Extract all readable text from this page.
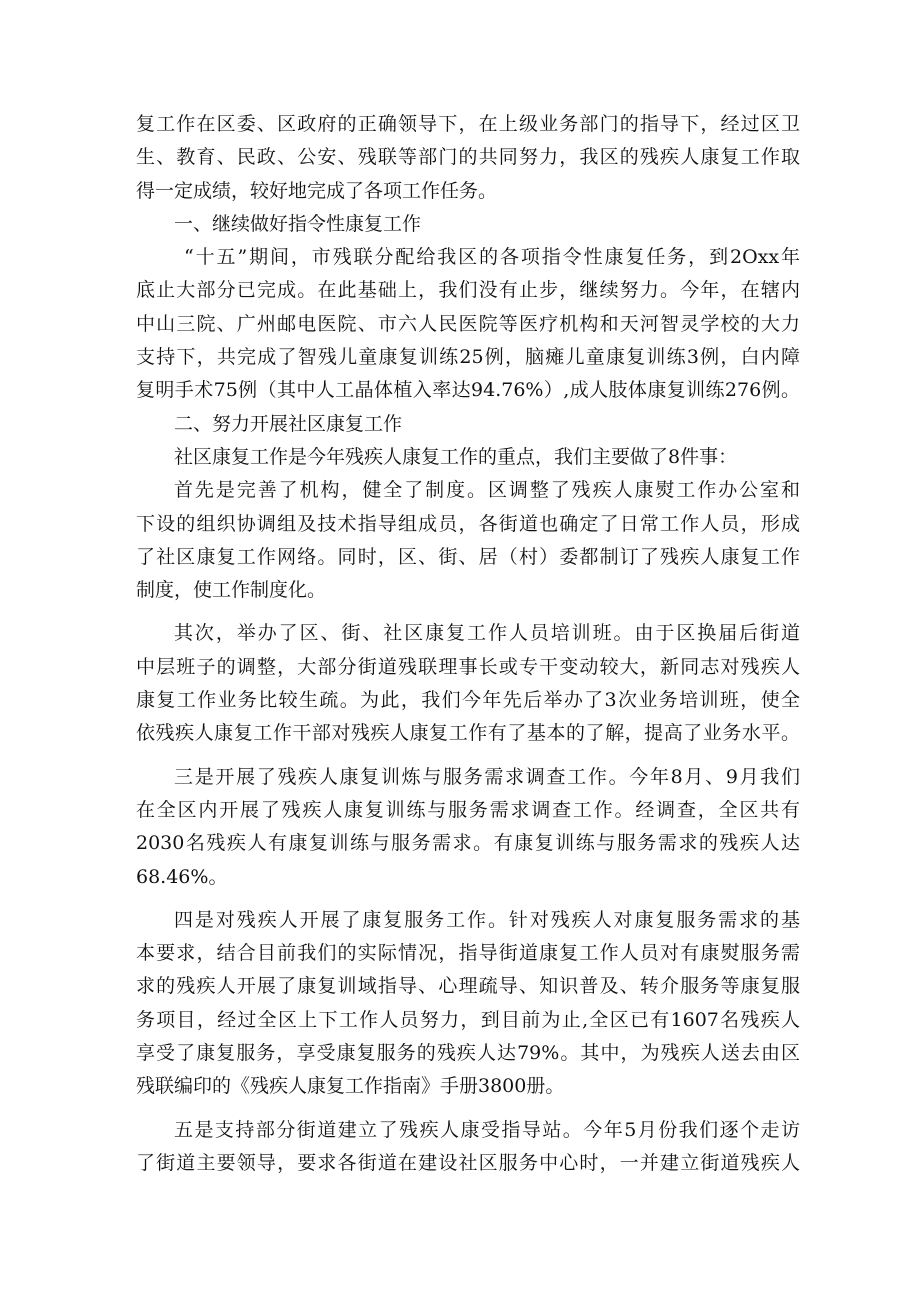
复工作在区委、区政府的正确领导下，在上级业务部门的指导下，经过区卫
生、教育、民政、公安、残联等部门的共同努力，我区的残疾人康复工作取
得一定成绩，较好地完成了各项工作任务。
一、继续做好指令性康复工作
“十五”期间，市残联分配给我区的各项指令性康复任务，到2Oxx年
底止大部分已完成。在此基础上，我们没有止步，继续努力。今年，在辖内
中山三院、广州邮电医院、市六人民医院等医疗机构和天河智灵学校的大力
支持下，共完成了智残儿童康复训练25例，脑瘫儿童康复训练3例，白内障
复明手术75例（其中人工晶体植入率达94.76%）,成人肢体康复训练276例。
二、努力开展社区康复工作
社区康复工作是今年残疾人康复工作的重点，我们主要做了8件事：
首先是完善了机构，健全了制度。区调整了残疾人康熨工作办公室和
下设的组织协调组及技术指导组成员，各街道也确定了日常工作人员，形成
了社区康复工作网络。同时，区、街、居（村）委都制订了残疾人康复工作
制度，使工作制度化。
其次，举办了区、街、社区康复工作人员培训班。由于区换届后街道
中层班子的调整，大部分街道残联理事长或专干变动较大，新同志对残疾人
康复工作业务比较生疏。为此，我们今年先后举办了3次业务培训班，使全
依残疾人康复工作干部对残疾人康复工作有了基本的了解，提高了业务水平。
三是开展了残疾人康复训炼与服务需求调查工作。今年8月、9月我们
在全区内开展了残疾人康复训练与服务需求调查工作。经调查，全区共有
2030名残疾人有康复训练与服务需求。有康复训练与服务需求的残疾人达
68.46%。
四是对残疾人开展了康复服务工作。针对残疾人对康复服务需求的基
本要求，结合目前我们的实际情况，指导街道康复工作人员对有康熨服务需
求的残疾人开展了康复训域指导、心理疏导、知识普及、转介服务等康复服
务项目，经过全区上下工作人员努力，到目前为止,全区已有1607名残疾人
享受了康复服务，享受康复服务的残疾人达79%。其中，为残疾人送去由区
残联编印的《残疾人康复工作指南》手册3800册。
五是支持部分街道建立了残疾人康受指导站。今年5月份我们逐个走访
了街道主要领导，要求各街道在建设社区服务中心时，一并建立街道残疾人
